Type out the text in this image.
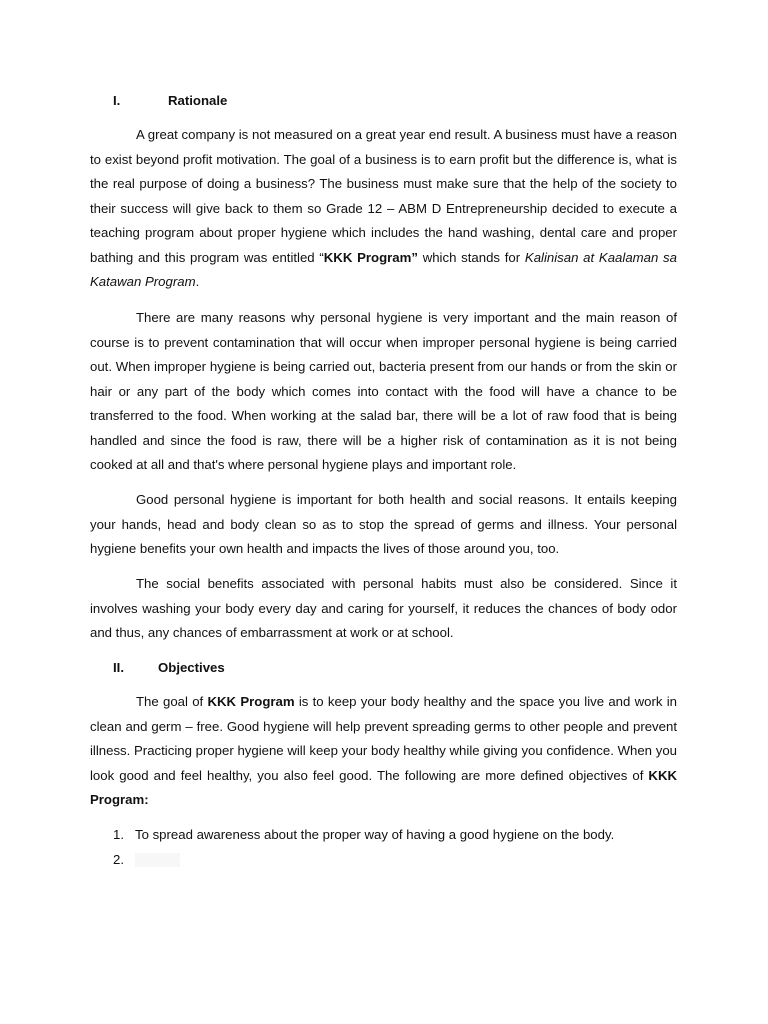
I.	Rationale

A great company is not measured on a great year end result. A business must have a reason to exist beyond profit motivation. The goal of a business is to earn profit but the difference is, what is the real purpose of doing a business? The business must make sure that the help of the society to their success will give back to them so Grade 12 – ABM D Entrepreneurship decided to execute a teaching program about proper hygiene which includes the hand washing, dental care and proper bathing and this program was entitled “KKK Program” which stands for Kalinisan at Kaalaman sa Katawan Program.

There are many reasons why personal hygiene is very important and the main reason of course is to prevent contamination that will occur when improper personal hygiene is being carried out. When improper hygiene is being carried out, bacteria present from our hands or from the skin or hair or any part of the body which comes into contact with the food will have a chance to be transferred to the food. When working at the salad bar, there will be a lot of raw food that is being handled and since the food is raw, there will be a higher risk of contamination as it is not being cooked at all and that's where personal hygiene plays and important role.

Good personal hygiene is important for both health and social reasons. It entails keeping your hands, head and body clean so as to stop the spread of germs and illness. Your personal hygiene benefits your own health and impacts the lives of those around you, too.

The social benefits associated with personal habits must also be considered. Since it involves washing your body every day and caring for yourself, it reduces the chances of body odor and thus, any chances of embarrassment at work or at school.

II.	Objectives

The goal of KKK Program is to keep your body healthy and the space you live and work in clean and germ – free. Good hygiene will help prevent spreading germs to other people and prevent illness. Practicing proper hygiene will keep your body healthy while giving you confidence. When you look good and feel healthy, you also feel good. The following are more defined objectives of KKK Program:

1. To spread awareness about the proper way of having a good hygiene on the body.
2.
